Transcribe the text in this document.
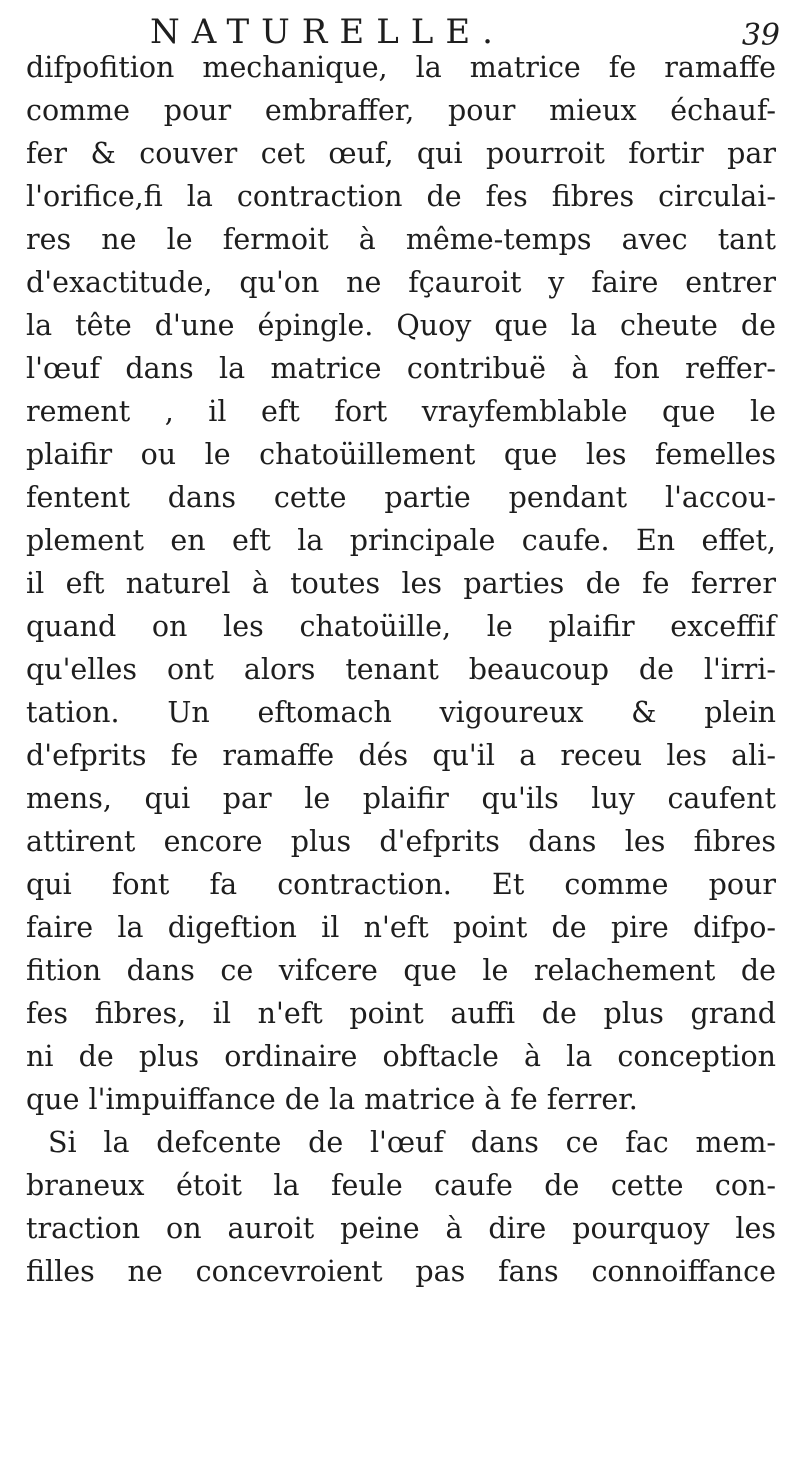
NATURELLE.	39
difpofition mechanique, la matrice fe ramaffe
comme pour embraffer, pour mieux échauf-
fer & couver cet œuf, qui pourroit fortir par
l'orifice,fi la contraction de fes fibres circulai-
res ne le fermoit à même-temps avec tant
d'exactitude, qu'on ne fçauroit y faire entrer
la tête d'une épingle. Quoy que la cheute de
l'œuf dans la matrice contribuë à fon reffer-
rement , il eft fort vrayfemblable que le
plaifir ou le chatoüillement que les femelles
fentent dans cette partie pendant l'accou-
plement en eft la principale caufe. En effet,
il eft naturel à toutes les parties de fe ferrer
quand on les chatoüille, le plaifir exceffif
qu'elles ont alors tenant beaucoup de l'irri-
tation. Un eftomach vigoureux & plein
d'efprits fe ramaffe dés qu'il a receu les ali-
mens, qui par le plaifir qu'ils luy caufent
attirent encore plus d'efprits dans les fibres
qui font fa contraction. Et comme pour
faire la digeftion il n'eft point de pire difpo-
fition dans ce vifcere que le relachement de
fes fibres, il n'eft point auffi de plus grand
ni de plus ordinaire obftacle à la conception
que l'impuiffance de la matrice à fe ferrer.
Si la defcente de l'œuf dans ce fac mem-
braneux étoit la feule caufe de cette con-
traction on auroit peine à dire pourquoy les
filles ne concevroient pas fans connoiffance
